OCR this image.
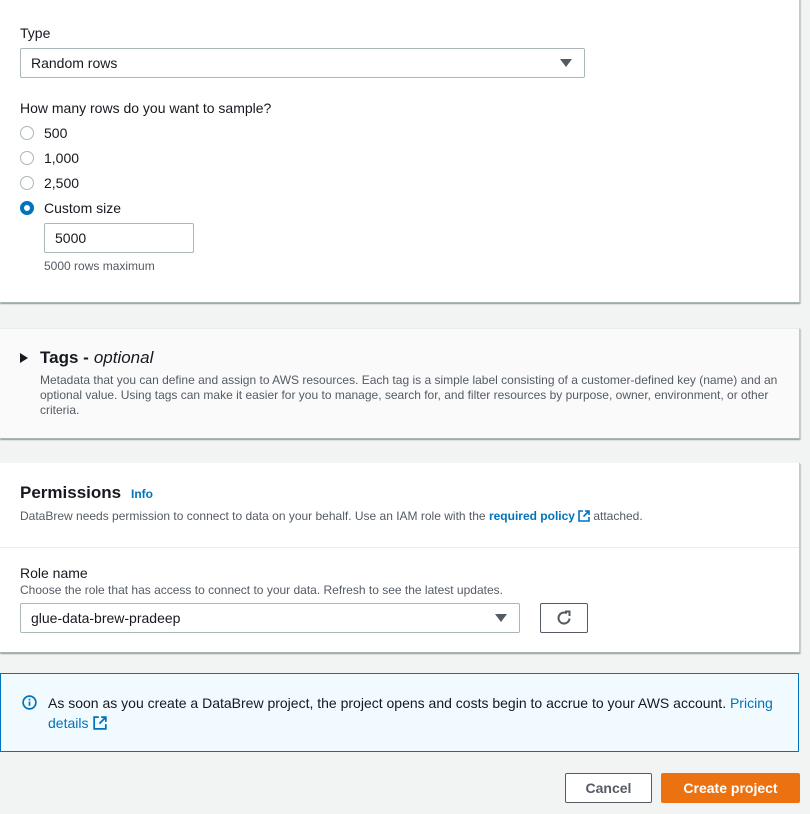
Type
Random rows
How many rows do you want to sample?
500
1,000
2,500
Custom size
5000
5000 rows maximum
Tags - optional
Metadata that you can define and assign to AWS resources. Each tag is a simple label consisting of a customer-defined key (name) and an optional value. Using tags can make it easier for you to manage, search for, and filter resources by purpose, owner, environment, or other criteria.
Permissions Info
DataBrew needs permission to connect to data on your behalf. Use an IAM role with the required policy attached.
Role name
Choose the role that has access to connect to your data. Refresh to see the latest updates.
glue-data-brew-pradeep
As soon as you create a DataBrew project, the project opens and costs begin to accrue to your AWS account. Pricing details
Cancel	Create project
